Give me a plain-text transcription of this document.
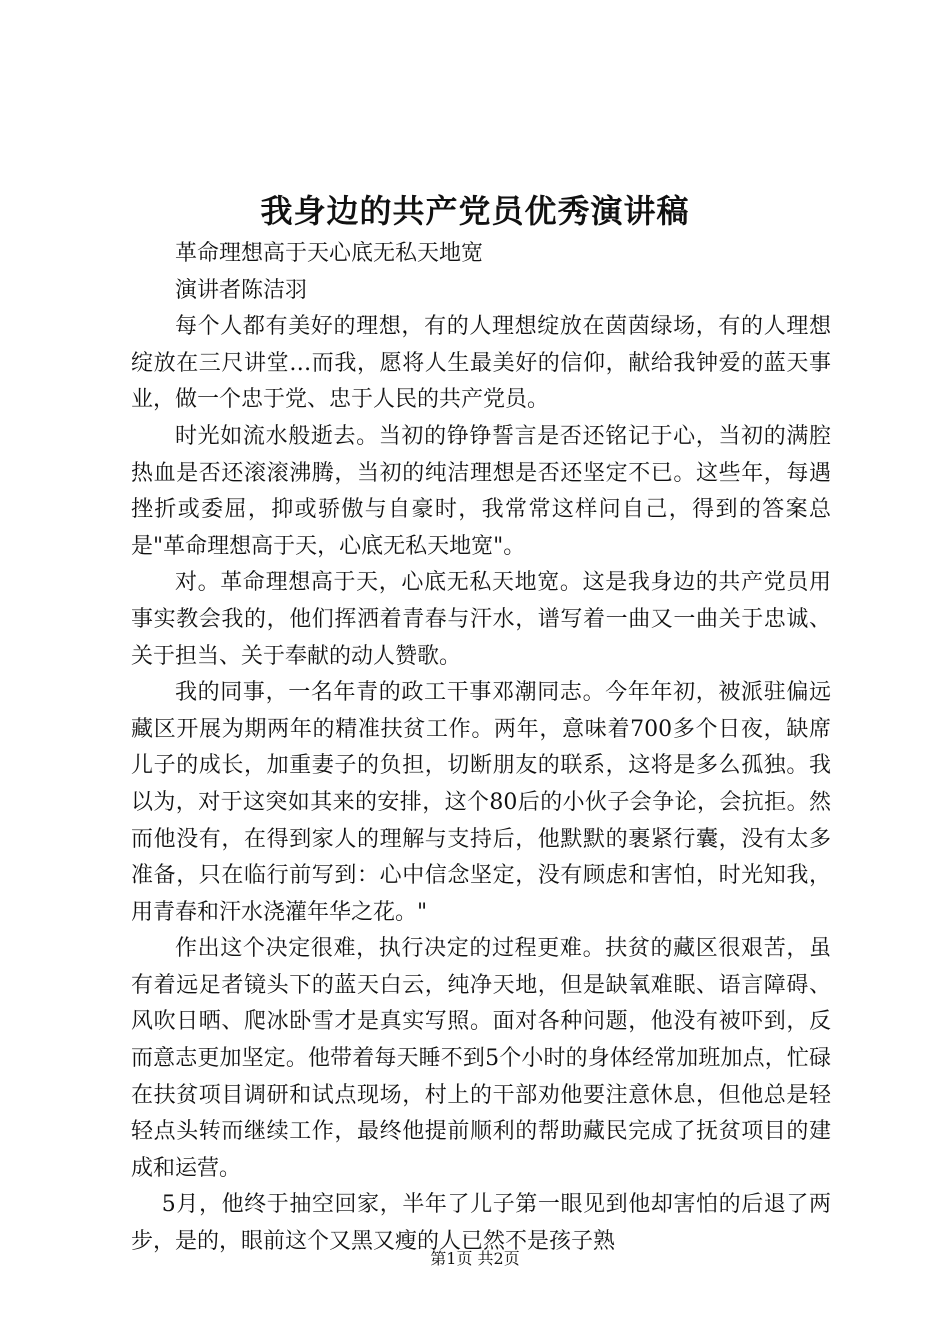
我身边的共产党员优秀演讲稿

革命理想高于天心底无私天地宽

演讲者陈洁羽

每个人都有美好的理想，有的人理想绽放在茵茵绿场，有的人理想绽放在三尺讲堂…而我，愿将人生最美好的信仰，献给我钟爱的蓝天事业，做一个忠于党、忠于人民的共产党员。

时光如流水般逝去。当初的铮铮誓言是否还铭记于心，当初的满腔热血是否还滚滚沸腾，当初的纯洁理想是否还坚定不已。这些年，每遇挫折或委屈，抑或骄傲与自豪时，我常常这样问自己，得到的答案总是"革命理想高于天，心底无私天地宽"。

对。革命理想高于天，心底无私天地宽。这是我身边的共产党员用事实教会我的，他们挥洒着青春与汗水，谱写着一曲又一曲关于忠诚、关于担当、关于奉献的动人赞歌。

我的同事，一名年青的政工干事邓潮同志。今年年初，被派驻偏远藏区开展为期两年的精准扶贫工作。两年，意味着700多个日夜，缺席儿子的成长，加重妻子的负担，切断朋友的联系，这将是多么孤独。我以为，对于这突如其来的安排，这个80后的小伙子会争论，会抗拒。然而他没有，在得到家人的理解与支持后，他默默的裹紧行囊，没有太多准备，只在临行前写到：心中信念坚定，没有顾虑和害怕，时光知我，用青春和汗水浇灌年华之花。"

作出这个决定很难，执行决定的过程更难。扶贫的藏区很艰苦，虽有着远足者镜头下的蓝天白云，纯净天地，但是缺氧难眠、语言障碍、风吹日晒、爬冰卧雪才是真实写照。面对各种问题，他没有被吓到，反而意志更加坚定。他带着每天睡不到5个小时的身体经常加班加点，忙碌在扶贫项目调研和试点现场，村上的干部劝他要注意休息，但他总是轻轻点头转而继续工作，最终他提前顺利的帮助藏民完成了抚贫项目的建成和运营。

5月，他终于抽空回家，半年了儿子第一眼见到他却害怕的后退了两步，是的，眼前这个又黑又瘦的人已然不是孩子熟

第1页 共2页
